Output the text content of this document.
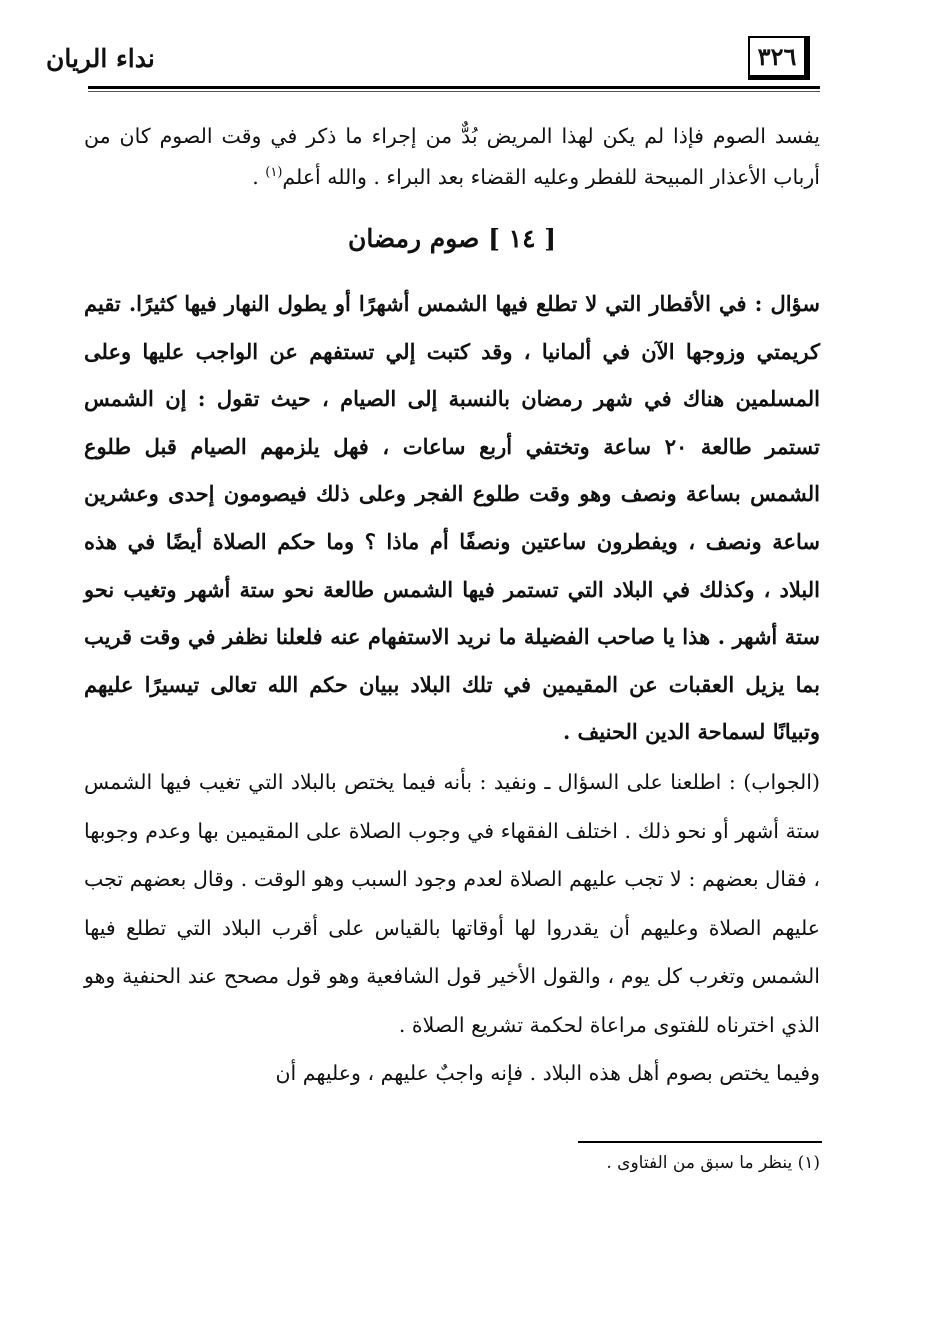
٣٢٦
نداء الريان

يفسد الصوم فإذا لم يكن لهذا المريض بُدٌّ من إجراء ما ذكر في وقت الصوم كان من أرباب الأعذار المبيحة للفطر وعليه القضاء بعد البراء . والله أعلم$^{(١)}$ .

[ ١٤ ] صوم رمضان

سؤال : في الأقطار التي لا تطلع فيها الشمس أشهرًا أو يطول النهار فيها كثيرًا. تقيم كريمتي وزوجها الآن في ألمانيا ، وقد كتبت إلي تستفهم عن الواجب عليها وعلى المسلمين هناك في شهر رمضان بالنسبة إلى الصيام ، حيث تقول : إن الشمس تستمر طالعة ٢٠ ساعة وتختفي أربع ساعات ، فهل يلزمهم الصيام قبل طلوع الشمس بساعة ونصف وهو وقت طلوع الفجر وعلى ذلك فيصومون إحدى وعشرين ساعة ونصف ، ويفطرون ساعتين ونصفًا أم ماذا ؟ وما حكم الصلاة أيضًا في هذه البلاد ، وكذلك في البلاد التي تستمر فيها الشمس طالعة نحو ستة أشهر وتغيب نحو ستة أشهر . هذا يا صاحب الفضيلة ما نريد الاستفهام عنه فلعلنا نظفر في وقت قريب بما يزيل العقبات عن المقيمين في تلك البلاد ببيان حكم الله تعالى تيسيرًا عليهم وتبيانًا لسماحة الدين الحنيف .

(الجواب) : اطلعنا على السؤال ـ ونفيد : بأنه فيما يختص بالبلاد التي تغيب فيها الشمس ستة أشهر أو نحو ذلك . اختلف الفقهاء في وجوب الصلاة على المقيمين بها وعدم وجوبها ، فقال بعضهم : لا تجب عليهم الصلاة لعدم وجود السبب وهو الوقت . وقال بعضهم تجب عليهم الصلاة وعليهم أن يقدروا لها أوقاتها بالقياس على أقرب البلاد التي تطلع فيها الشمس وتغرب كل يوم ، والقول الأخير قول الشافعية وهو قول مصحح عند الحنفية وهو الذي اخترناه للفتوى مراعاة لحكمة تشريع الصلاة .

وفيما يختص بصوم أهل هذه البلاد . فإنه واجبٌ عليهم ، وعليهم أن

(١) ينظر ما سبق من الفتاوى .
